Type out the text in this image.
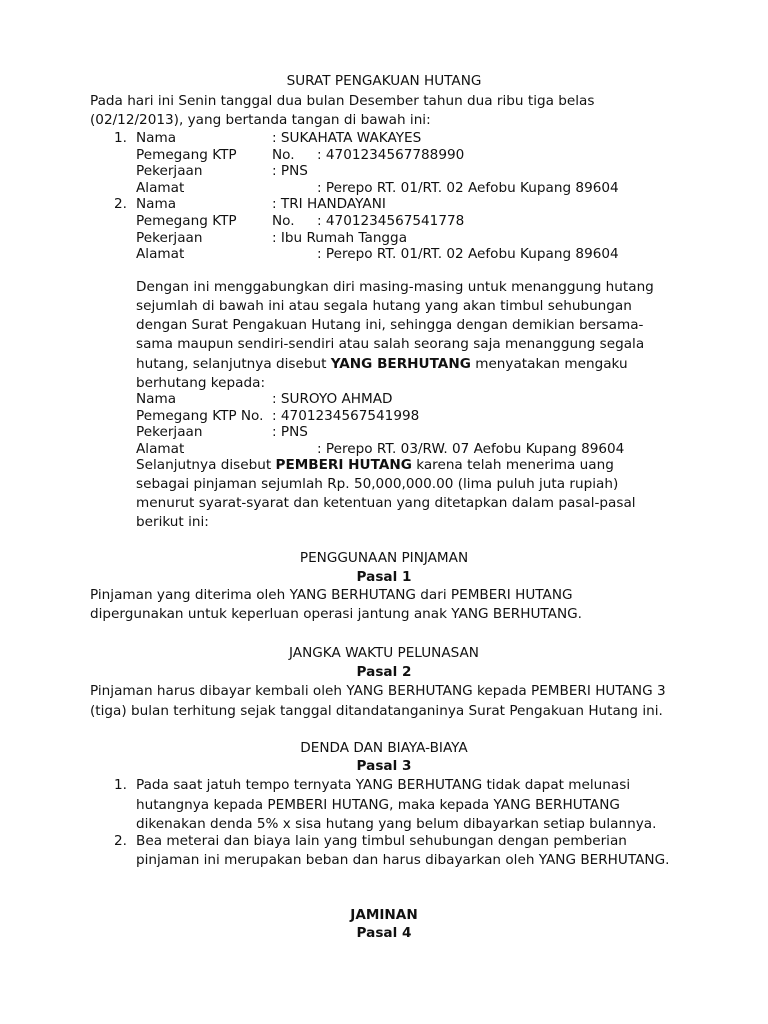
SURAT PENGAKUAN HUTANG
Pada hari ini Senin tanggal dua bulan Desember tahun dua ribu tiga belas
(02/12/2013), yang bertanda tangan di bawah ini:
1. Nama	: SUKAHATA WAKAYES
Pemegang KTP	No. : 4701234567788990
Pekerjaan	: PNS
Alamat	: Perepo RT. 01/RT. 02 Aefobu Kupang 89604
2. Nama	: TRI HANDAYANI
Pemegang KTP	No. : 4701234567541778
Pekerjaan	: Ibu Rumah Tangga
Alamat	: Perepo RT. 01/RT. 02 Aefobu Kupang 89604
Dengan ini menggabungkan diri masing-masing untuk menanggung hutang
sejumlah di bawah ini atau segala hutang yang akan timbul sehubungan
dengan Surat Pengakuan Hutang ini, sehingga dengan demikian bersama-
sama maupun sendiri-sendiri atau salah seorang saja menanggung segala
hutang, selanjutnya disebut YANG BERHUTANG menyatakan mengaku
berhutang kepada:
Nama	: SUROYO AHMAD
Pemegang KTP No. : 4701234567541998
Pekerjaan	: PNS
Alamat	: Perepo RT. 03/RW. 07 Aefobu Kupang 89604
Selanjutnya disebut PEMBERI HUTANG karena telah menerima uang
sebagai pinjaman sejumlah Rp. 50,000,000.00 (lima puluh juta rupiah)
menurut syarat-syarat dan ketentuan yang ditetapkan dalam pasal-pasal
berikut ini:
PENGGUNAAN PINJAMAN
Pasal 1
Pinjaman yang diterima oleh YANG BERHUTANG dari PEMBERI HUTANG
dipergunakan untuk keperluan operasi jantung anak YANG BERHUTANG.
JANGKA WAKTU PELUNASAN
Pasal 2
Pinjaman harus dibayar kembali oleh YANG BERHUTANG kepada PEMBERI HUTANG 3
(tiga) bulan terhitung sejak tanggal ditandatanganinya Surat Pengakuan Hutang ini.
DENDA DAN BIAYA-BIAYA
Pasal 3
1. Pada saat jatuh tempo ternyata YANG BERHUTANG tidak dapat melunasi
hutangnya kepada PEMBERI HUTANG, maka kepada YANG BERHUTANG
dikenakan denda 5% x sisa hutang yang belum dibayarkan setiap bulannya.
2. Bea meterai dan biaya lain yang timbul sehubungan dengan pemberian
pinjaman ini merupakan beban dan harus dibayarkan oleh YANG BERHUTANG.
JAMINAN
Pasal 4
